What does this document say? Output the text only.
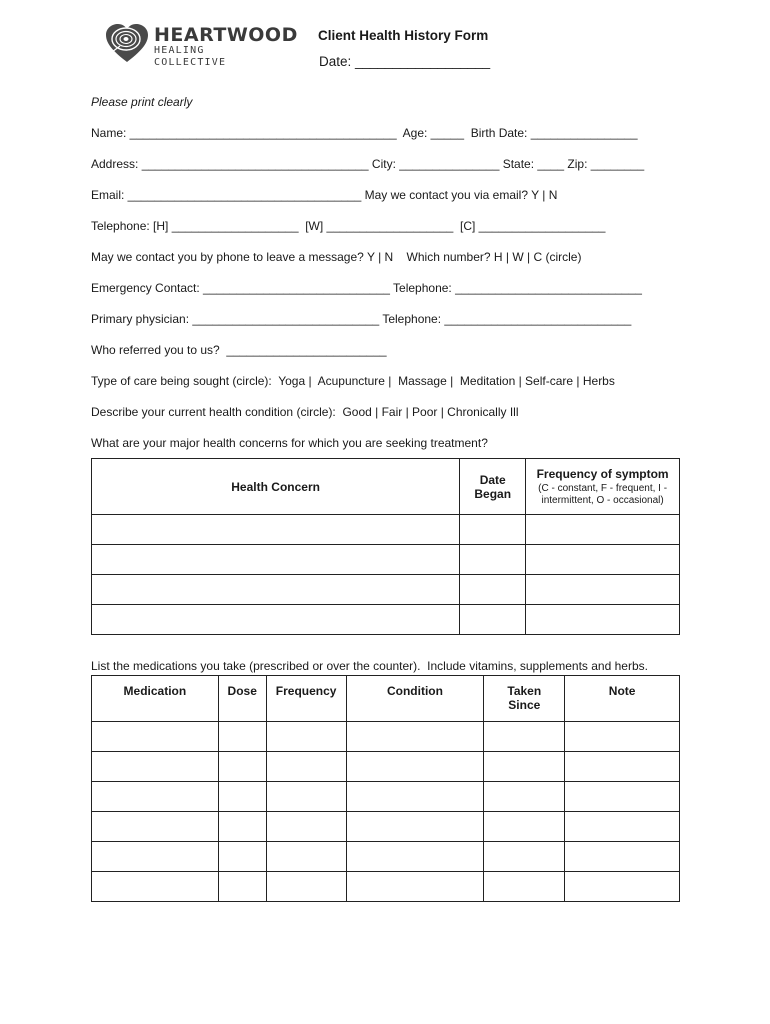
HEARTWOOD
HEALING COLLECTIVE
Client Health History Form
Date: __________________
Please print clearly
Name: ________________________________________  Age: _____  Birth Date: ________________
Address: __________________________________ City: _______________ State: ____ Zip: ________
Email: ___________________________________ May we contact you via email? Y | N
Telephone: [H] ___________________  [W] ___________________  [C] ___________________
May we contact you by phone to leave a message? Y | N    Which number? H | W | C (circle)
Emergency Contact: ____________________________ Telephone: ____________________________
Primary physician: ____________________________ Telephone: ____________________________
Who referred you to us?  ________________________
Type of care being sought (circle):  Yoga |  Acupuncture |  Massage |  Meditation | Self-care | Herbs
Describe your current health condition (circle):  Good | Fair | Poor | Chronically Ill
What are your major health concerns for which you are seeking treatment?
Health Concern	Date Began	Frequency of symptom
(C - constant, F - frequent, I - intermittent, O - occasional)

List the medications you take (prescribed or over the counter).  Include vitamins, supplements and herbs.
Medication	Dose	Frequency	Condition	Taken Since	Note
